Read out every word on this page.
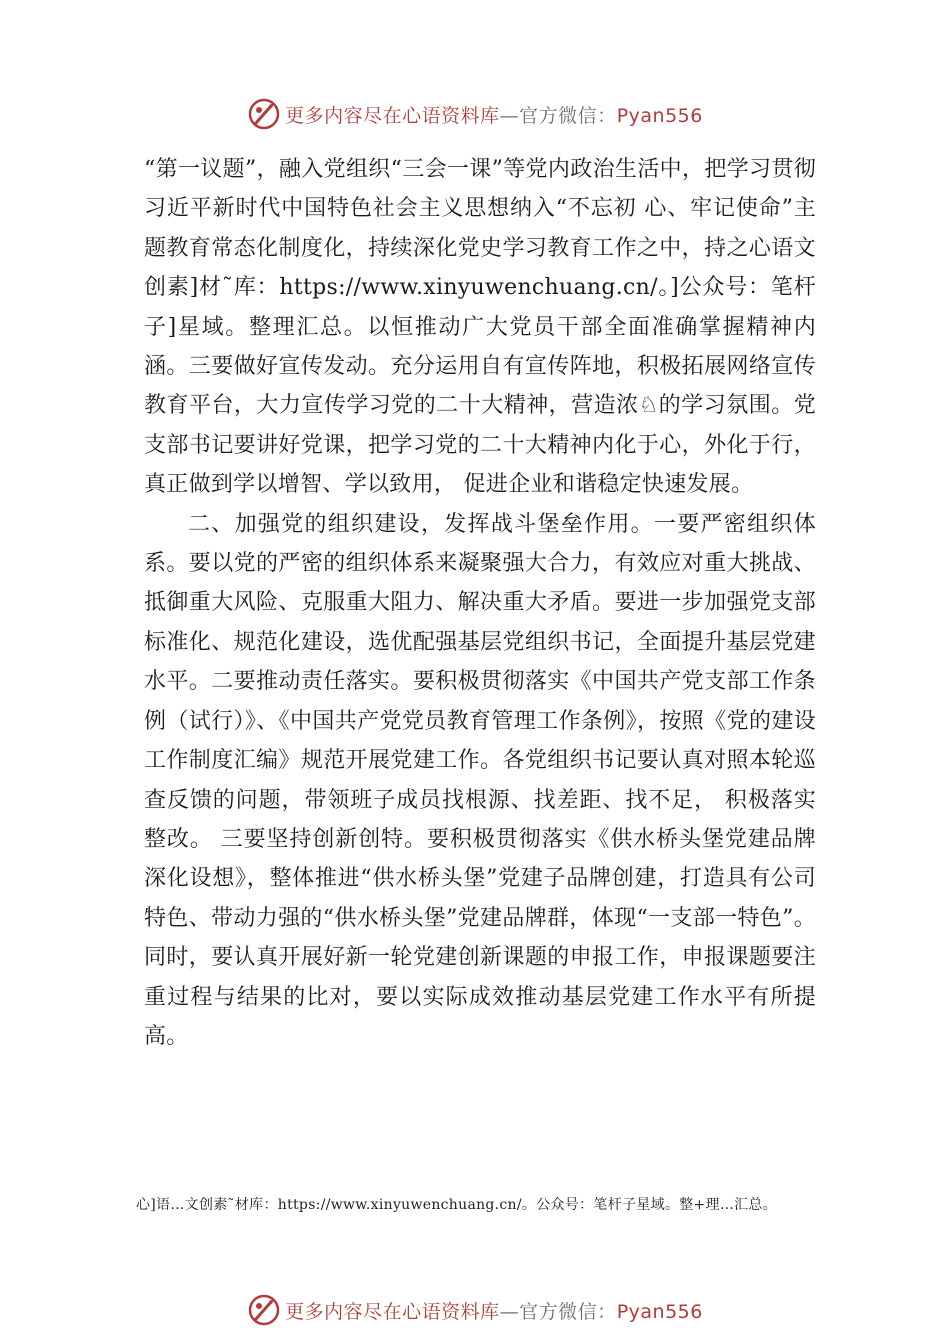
更多内容尽在心语资料库—官方微信：Pyan556

“第一议题”，融入党组织“三会一课”等党内政治生活中，把学习贯彻习近平新时代中国特色社会主义思想纳入“不忘初 心、牢记使命”主题教育常态化制度化，持续深化党史学习教育工作之中，持之心语文创素]材˜库：https://www.xinyuwenchuang.cn/。]公众号：笔杆子]星域。整理汇总。以恒推动广大党员干部全面准确掌握精神内涵。三要做好宣传发动。充分运用自有宣传阵地，积极拓展网络宣传教育平台，大力宣传学习党的二十大精神，营造浓♘的学习氛围。党支部书记要讲好党课，把学习党的二十大精神内化于心，外化于行，真正做到学以增智、学以致用， 促进企业和谐稳定快速发展。

二、加强党的组织建设，发挥战斗堡垒作用。一要严密组织体系。要以党的严密的组织体系来凝聚强大合力，有效应对重大挑战、抵御重大风险、克服重大阻力、解决重大矛盾。要进一步加强党支部标准化、规范化建设，选优配强基层党组织书记，全面提升基层党建水平。二要推动责任落实。要积极贯彻落实《中国共产党支部工作条例（试行）》、《中国共产党党员教育管理工作条例》，按照《党的建设工作制度汇编》规范开展党建工作。各党组织书记要认真对照本轮巡查反馈的问题，带领班子成员找根源、找差距、找不足， 积极落实整改。 三要坚持创新创特。要积极贯彻落实《供水桥头堡党建品牌深化设想》，整体推进“供水桥头堡”党建子品牌创建，打造具有公司特色、带动力强的“供水桥头堡”党建品牌群，体现“一支部一特色”。同时，要认真开展好新一轮党建创新课题的申报工作，申报课题要注重过程与结果的比对，要以实际成效推动基层党建工作水平有所提高。

心]语…文创素˜材库：https://www.xinyuwenchuang.cn/。公众号：笔杆子星域。整+理…汇总。
更多内容尽在心语资料库—官方微信：Pyan556
